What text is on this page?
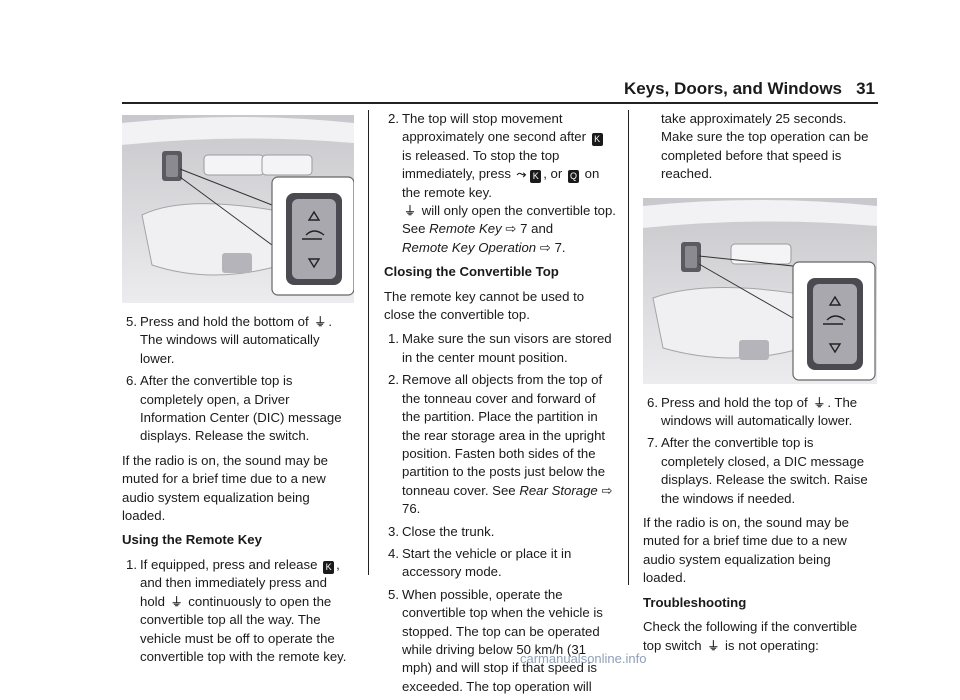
Keys, Doors, and Windows 31
5. Press and hold the bottom of ⏚ . The windows will automatically lower.
6. After the convertible top is completely open, a Driver Information Center (DIC) message displays. Release the switch.

If the radio is on, the sound may be muted for a brief time due to a new audio system equalization being loaded.

Using the Remote Key
1. If equipped, press and release K , and then immediately press and hold ⏚ continuously to open the convertible top all the way. The vehicle must be off to operate the convertible top with the remote key.
2. The top will stop movement approximately one second after K is released. To stop the top immediately, press ⤳ K , or Q on the remote key.
⏚ will only open the convertible top.
See Remote Key ⇨ 7 and
Remote Key Operation ⇨ 7.
Closing the Convertible Top

The remote key cannot be used to close the convertible top.

1. Make sure the sun visors are stored in the center mount position.
2. Remove all objects from the top of the tonneau cover and forward of the partition. Place the partition in the rear storage area in the upright position. Fasten both sides of the partition to the posts just below the tonneau cover. See Rear Storage ⇨ 76.
3. Close the trunk.
4. Start the vehicle or place it in accessory mode.
5. When possible, operate the convertible top when the vehicle is stopped. The top can be operated while driving below 50 km/h (31 mph) and will stop if that speed is exceeded. The top operation will
take approximately 25 seconds. Make sure the top operation can be completed before that speed is reached.
6. Press and hold the top of ⏚ . The windows will automatically lower.
7. After the convertible top is completely closed, a DIC message displays. Release the switch. Raise the windows if needed.

If the radio is on, the sound may be muted for a brief time due to a new audio system equalization being loaded.

Troubleshooting

Check the following if the convertible top switch ⏚ is not operating:

carmanualsonline.info
